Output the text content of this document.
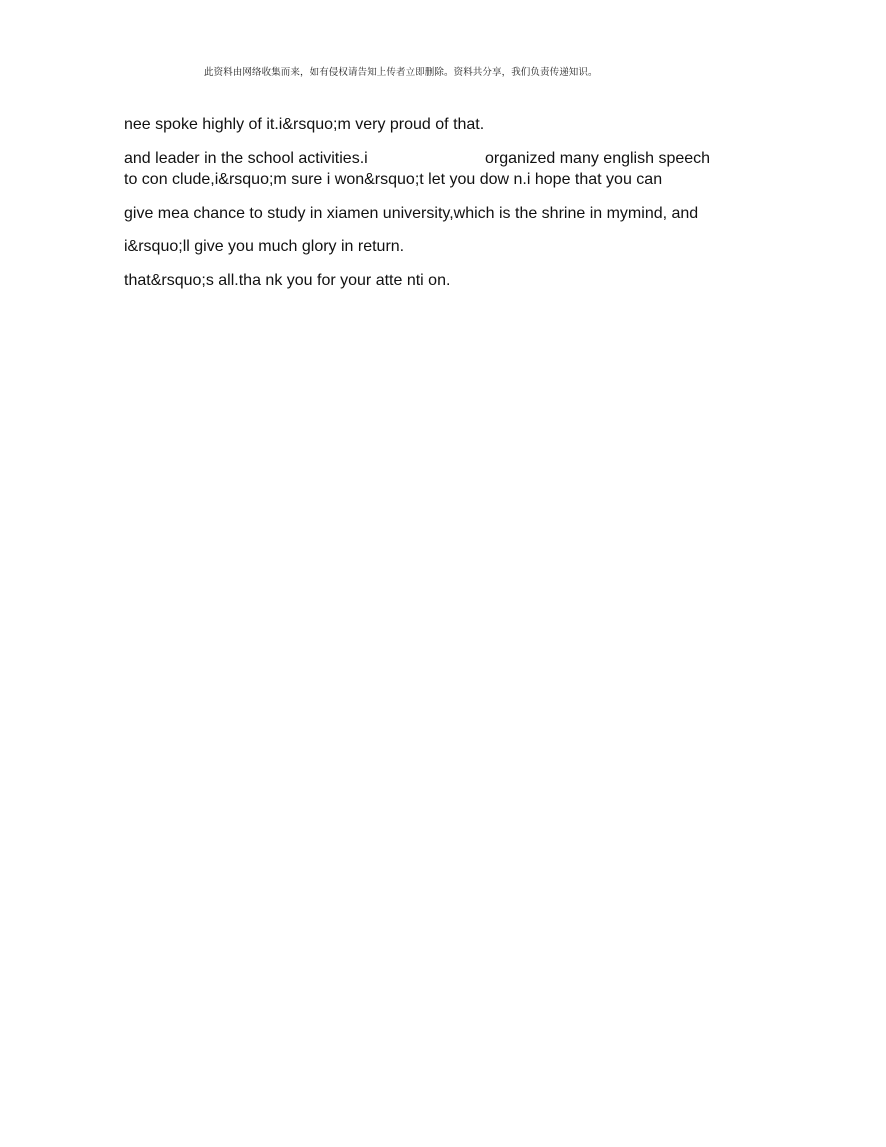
此资料由网络收集而来，如有侵权请告知上传者立即删除。资料共分享，我们负责传递知识。
nee spoke highly of it.i&rsquo;m very proud of that.
and leader in the school activities.i	organized many english speech
to con clude,i&rsquo;m sure i won&rsquo;t let you dow n.i hope that you can
give mea chance to study in xiamen university,which is the shrine in mymind, and
i&rsquo;ll give you much glory in return.
that&rsquo;s all.tha nk you for your atte nti on.
